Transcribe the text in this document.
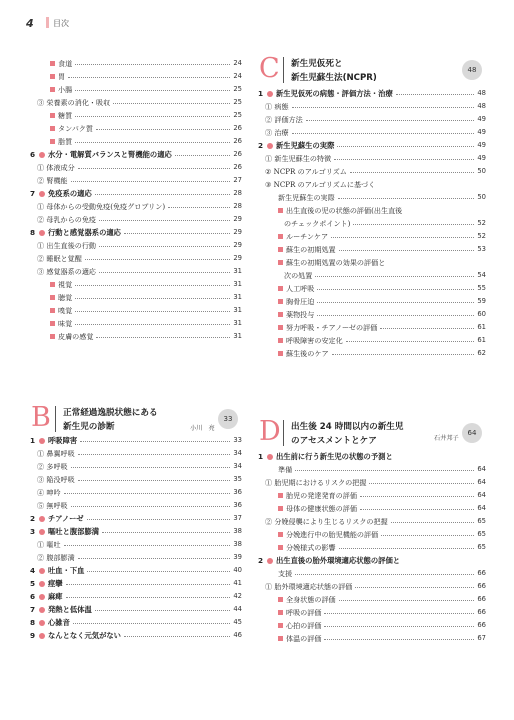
4 目次
食道	24
胃	24
小腸	25
③ 栄養素の消化・吸収	25
糖質	25
タンパク質	26
脂質	26
6 水分・電解質バランスと腎機能の適応	26
① 体液成分	26
② 腎機能	27
7 免疫系の適応	28
① 母体からの受動免疫(免疫グロブリン)	28
② 母乳からの免疫	29
8 行動と感覚器系の適応	29
① 出生直後の行動	29
② 睡眠と覚醒	29
③ 感覚器系の適応	31
視覚	31
聴覚	31
嗅覚	31
味覚	31
皮膚の感覚	31
B 正常経過逸脱状態にある
新生児の診断
33
小川　亮
1 呼吸障害	33
① 鼻翼呼吸	34
② 多呼吸	34
③ 陥没呼吸	35
④ 呻吟	36
⑤ 無呼吸	36
2 チアノーゼ	37
3 嘔吐と腹部膨満	38
① 嘔吐	38
② 腹部膨満	39
4 吐血・下血	40
5 痙攣	41
6 麻痺	42
7 発熱と低体温	44
8 心雑音	45
9 なんとなく元気がない	46
C 新生児仮死と
新生児蘇生法(NCPR)
48
1 新生児仮死の病態・評価方法・治療	48
① 病態	48
② 評価方法	49
③ 治療	49
2 新生児蘇生の実際	49
① 新生児蘇生の特徴	49
② NCPR のアルゴリズム	50
③ NCPR のアルゴリズムに基づく
新生児蘇生の実際	50
出生直後の児の状態の評価(出生直後
のチェックポイント)	52
ルーチンケア	52
蘇生の初期処置	53
蘇生の初期処置の効果の評価と
次の処置	54
人工呼吸	55
胸骨圧迫	59
薬物投与	60
努力呼吸・チアノーゼの評価	61
呼吸障害の安定化	61
蘇生後のケア	62
D 出生後 24 時間以内の新生児
のアセスメントとケア
64
石井邦子
1 出生前に行う新生児の状態の予測と
準備	64
① 胎児期におけるリスクの把握	64
胎児の発達発育の評価	64
母体の健康状態の評価	64
② 分娩侵襲により生じるリスクの把握	65
分娩進行中の胎児機能の評価	65
分娩様式の影響	65
2 出生直後の胎外環境適応状態の評価と
支援	66
① 胎外環境適応状態の評価	66
全身状態の評価	66
呼吸の評価	66
心拍の評価	66
体温の評価	67
